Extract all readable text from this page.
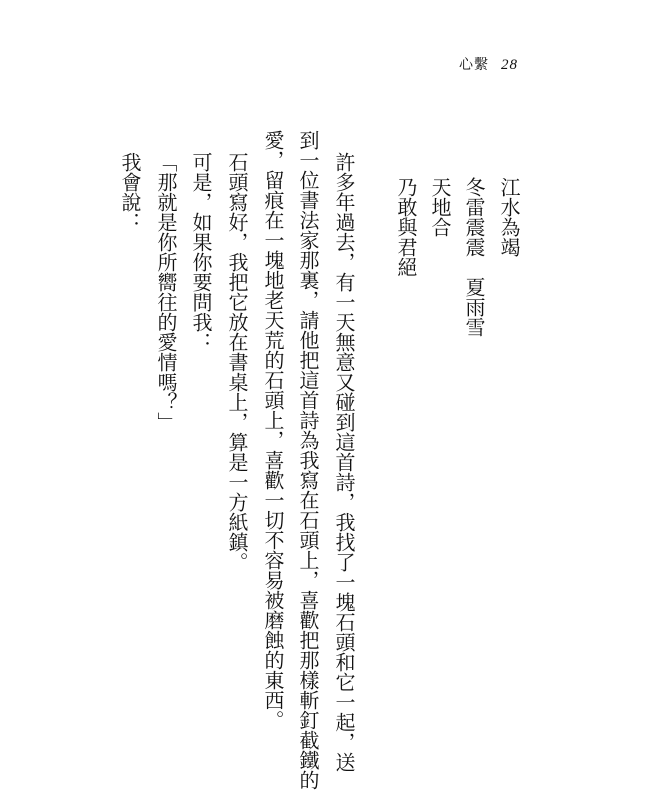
心繫 28
江水為竭
冬雷震震　夏雨雪
天地合
乃敢與君絕
許多年過去，有一天無意又碰到這首詩，我找了一塊石頭和它一起，送
到一位書法家那裏，請他把這首詩為我寫在石頭上，喜歡把那樣斬釘截鐵的
愛，留痕在一塊地老天荒的石頭上，喜歡一切不容易被磨蝕的東西。
石頭寫好，我把它放在書桌上，算是一方紙鎮。
可是，如果你要問我：
「那就是你所嚮往的愛情嗎？」
我會說：
